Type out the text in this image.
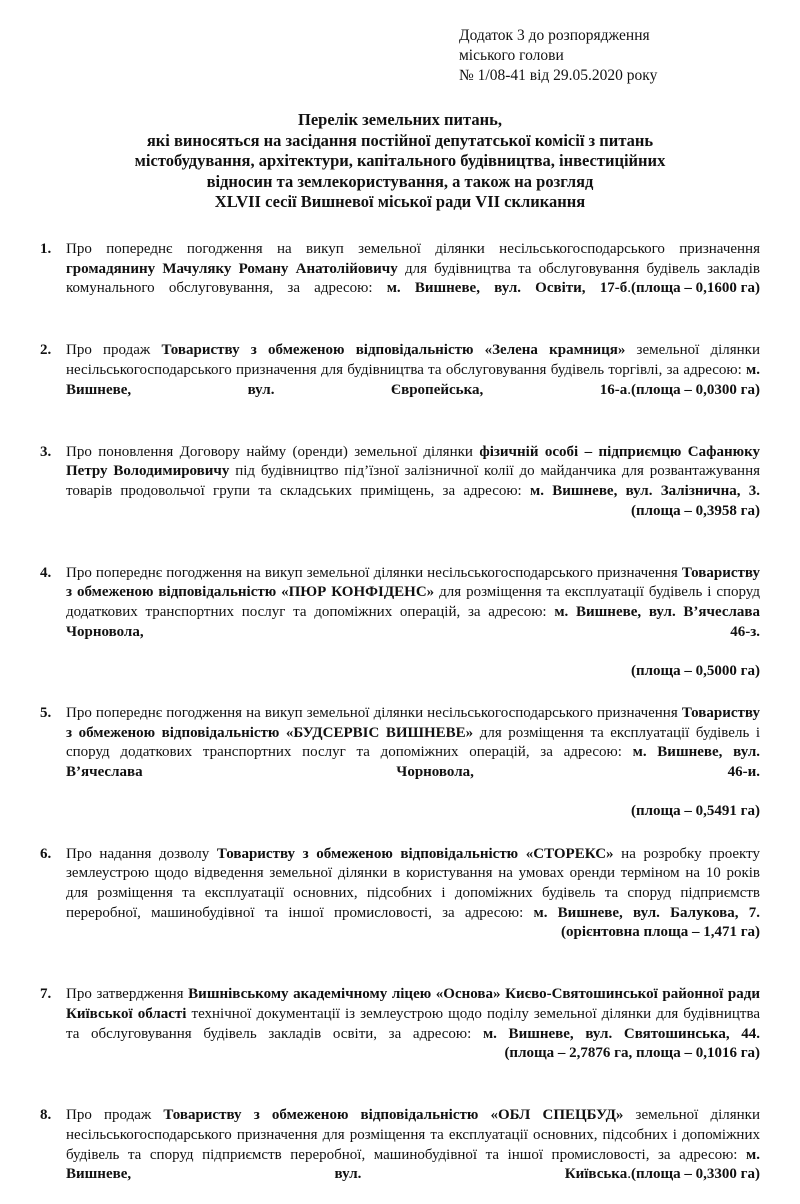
Додаток 3 до розпорядження
міського голови
№ 1/08-41 від 29.05.2020 року
Перелік земельних питань,
які виносяться на засідання постійної депутатської комісії з питань
містобудування, архітектури, капітального будівництва, інвестиційних
відносин та землекористування, а також на розгляд
XLVII сесії Вишневої міської ради VII скликання
1. Про попереднє погодження на викуп земельної ділянки несільськогосподарського призначення громадянину Мачуляку Роману Анатолійовичу для будівництва та обслуговування будівель закладів комунального обслуговування, за адресою: м. Вишневе, вул. Освіти, 17-б. (площа – 0,1600 га)
2. Про продаж Товариству з обмеженою відповідальністю «Зелена крамниця» земельної ділянки несільськогосподарського призначення для будівництва та обслуговування будівель торгівлі, за адресою: м. Вишневе, вул. Європейська, 16-а. (площа – 0,0300 га)
3. Про поновлення Договору найму (оренди) земельної ділянки фізичній особі – підприємцю Сафанюку Петру Володимировичу під будівництво під’їзної залізничної колії до майданчика для розвантажування товарів продовольчої групи та складських приміщень, за адресою: м. Вишневе, вул. Залізнична, 3.
(площа – 0,3958 га)
4. Про попереднє погодження на викуп земельної ділянки несільськогосподарського призначення Товариству з обмеженою відповідальністю «ПЮР КОНФІДЕНС» для розміщення та експлуатації будівель і споруд додаткових транспортних послуг та допоміжних операцій, за адресою: м. Вишневе, вул. В’ячеслава Чорновола, 46-з.
(площа – 0,5000 га)
5. Про попереднє погодження на викуп земельної ділянки несільськогосподарського призначення Товариству з обмеженою відповідальністю «БУДСЕРВІС ВИШНЕВЕ» для розміщення та експлуатації будівель і споруд додаткових транспортних послуг та допоміжних операцій, за адресою: м. Вишневе, вул. В’ячеслава Чорновола, 46-и.
(площа – 0,5491 га)
6. Про надання дозволу Товариству з обмеженою відповідальністю «СТОРЕКС» на розробку проекту землеустрою щодо відведення земельної ділянки в користування на умовах оренди терміном на 10 років для розміщення та експлуатації основних, підсобних і допоміжних будівель та споруд підприємств переробної, машинобудівної та іншої промисловості, за адресою: м. Вишневе, вул. Балукова, 7.
(орієнтовна площа – 1,471 га)
7. Про затвердження Вишнівському академічному ліцею «Основа» Києво-Святошинської районної ради Київської області технічної документації із землеустрою щодо поділу земельної ділянки для будівництва та обслуговування будівель закладів освіти, за адресою: м. Вишневе, вул. Святошинська, 44.
(площа – 2,7876 га, площа – 0,1016 га)
8. Про продаж Товариству з обмеженою відповідальністю «ОБЛ СПЕЦБУД» земельної ділянки несільськогосподарського призначення для розміщення та експлуатації основних, підсобних і допоміжних будівель та споруд підприємств переробної, машинобудівної та іншої промисловості, за адресою: м. Вишневе, вул. Київська. (площа – 0,3300 га)
